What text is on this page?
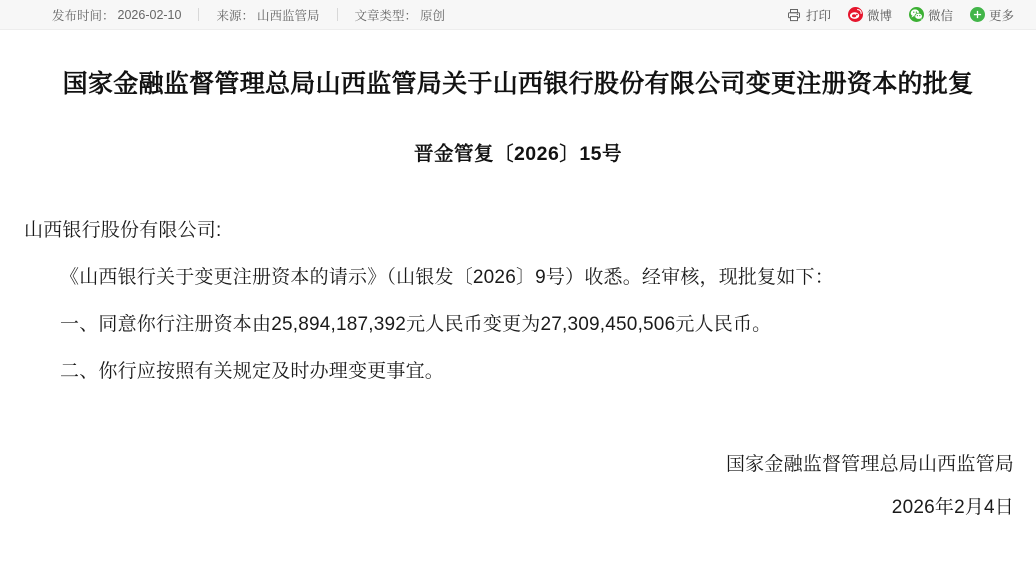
发布时间： 2026-02-10	来源： 山西监管局	文章类型： 原创	打印	微博	微信	更多
国家金融监督管理总局山西监管局关于山西银行股份有限公司变更注册资本的批复
晋金管复〔2026〕15号

山西银行股份有限公司:

《山西银行关于变更注册资本的请示》（山银发〔2026〕9号）收悉。经审核，现批复如下：

一、同意你行注册资本由25,894,187,392元人民币变更为27,309,450,506元人民币。

二、你行应按照有关规定及时办理变更事宜。

国家金融监督管理总局山西监管局
2026年2月4日
